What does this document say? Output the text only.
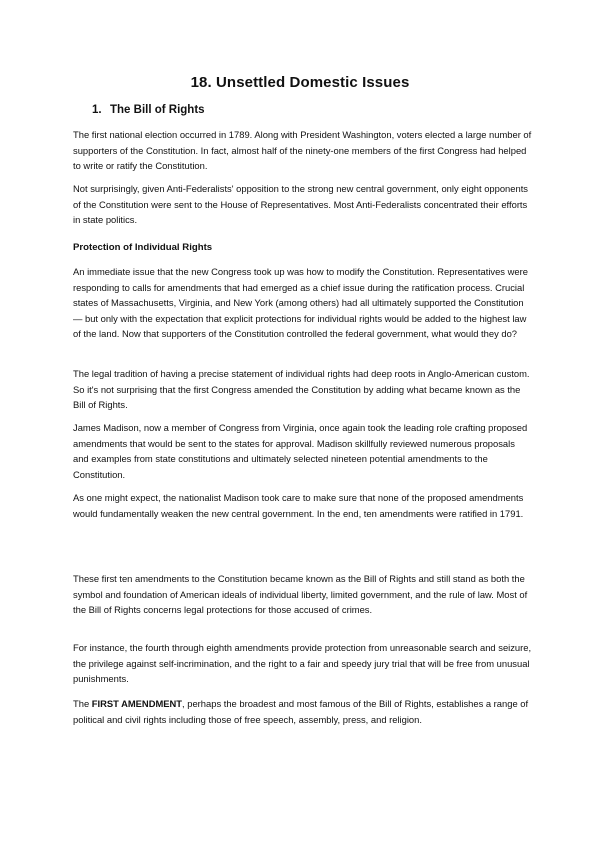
18. Unsettled Domestic Issues
1. The Bill of Rights

The first national election occurred in 1789. Along with President Washington, voters elected a large number of supporters of the Constitution. In fact, almost half of the ninety-one members of the first Congress had helped to write or ratify the Constitution.

Not surprisingly, given Anti-Federalists' opposition to the strong new central government, only eight opponents of the Constitution were sent to the House of Representatives. Most Anti-Federalists concentrated their efforts in state politics.

Protection of Individual Rights

An immediate issue that the new Congress took up was how to modify the Constitution. Representatives were responding to calls for amendments that had emerged as a chief issue during the ratification process. Crucial states of Massachusetts, Virginia, and New York (among others) had all ultimately supported the Constitution — but only with the expectation that explicit protections for individual rights would be added to the highest law of the land. Now that supporters of the Constitution controlled the federal government, what would they do?

The legal tradition of having a precise statement of individual rights had deep roots in Anglo-American custom. So it's not surprising that the first Congress amended the Constitution by adding what became known as the Bill of Rights.

James Madison, now a member of Congress from Virginia, once again took the leading role crafting proposed amendments that would be sent to the states for approval. Madison skillfully reviewed numerous proposals and examples from state constitutions and ultimately selected nineteen potential amendments to the Constitution.

As one might expect, the nationalist Madison took care to make sure that none of the proposed amendments would fundamentally weaken the new central government. In the end, ten amendments were ratified in 1791.

These first ten amendments to the Constitution became known as the Bill of Rights and still stand as both the symbol and foundation of American ideals of individual liberty, limited government, and the rule of law. Most of the Bill of Rights concerns legal protections for those accused of crimes.

For instance, the fourth through eighth amendments provide protection from unreasonable search and seizure, the privilege against self-incrimination, and the right to a fair and speedy jury trial that will be free from unusual punishments.

The FIRST AMENDMENT, perhaps the broadest and most famous of the Bill of Rights, establishes a range of political and civil rights including those of free speech, assembly, press, and religion.
